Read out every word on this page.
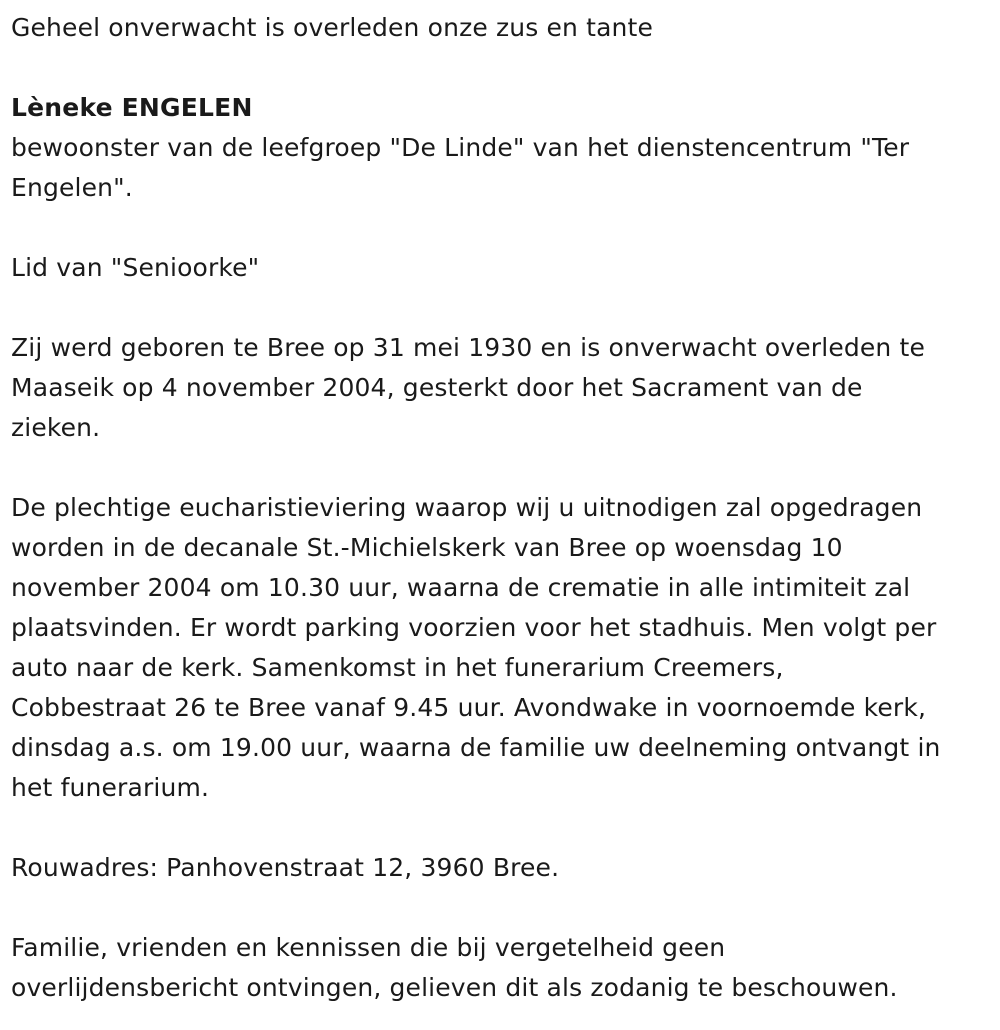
Geheel onverwacht is overleden onze zus en tante

Lèneke ENGELEN

bewoonster van de leefgroep "De Linde" van het dienstencentrum "Ter

Engelen".

Lid van "Senioorke"

Zij werd geboren te Bree op 31 mei 1930 en is onverwacht overleden te

Maaseik op 4 november 2004, gesterkt door het Sacrament van de

zieken.

De plechtige eucharistieviering waarop wij u uitnodigen zal opgedragen

worden in de decanale St.-Michielskerk van Bree op woensdag 10

november 2004 om 10.30 uur, waarna de crematie in alle intimiteit zal

plaatsvinden. Er wordt parking voorzien voor het stadhuis. Men volgt per

auto naar de kerk. Samenkomst in het funerarium Creemers,

Cobbestraat 26 te Bree vanaf 9.45 uur. Avondwake in voornoemde kerk,

dinsdag a.s. om 19.00 uur, waarna de familie uw deelneming ontvangt in

het funerarium.

Rouwadres: Panhovenstraat 12, 3960 Bree.

Familie, vrienden en kennissen die bij vergetelheid geen

overlijdensbericht ontvingen, gelieven dit als zodanig te beschouwen.
